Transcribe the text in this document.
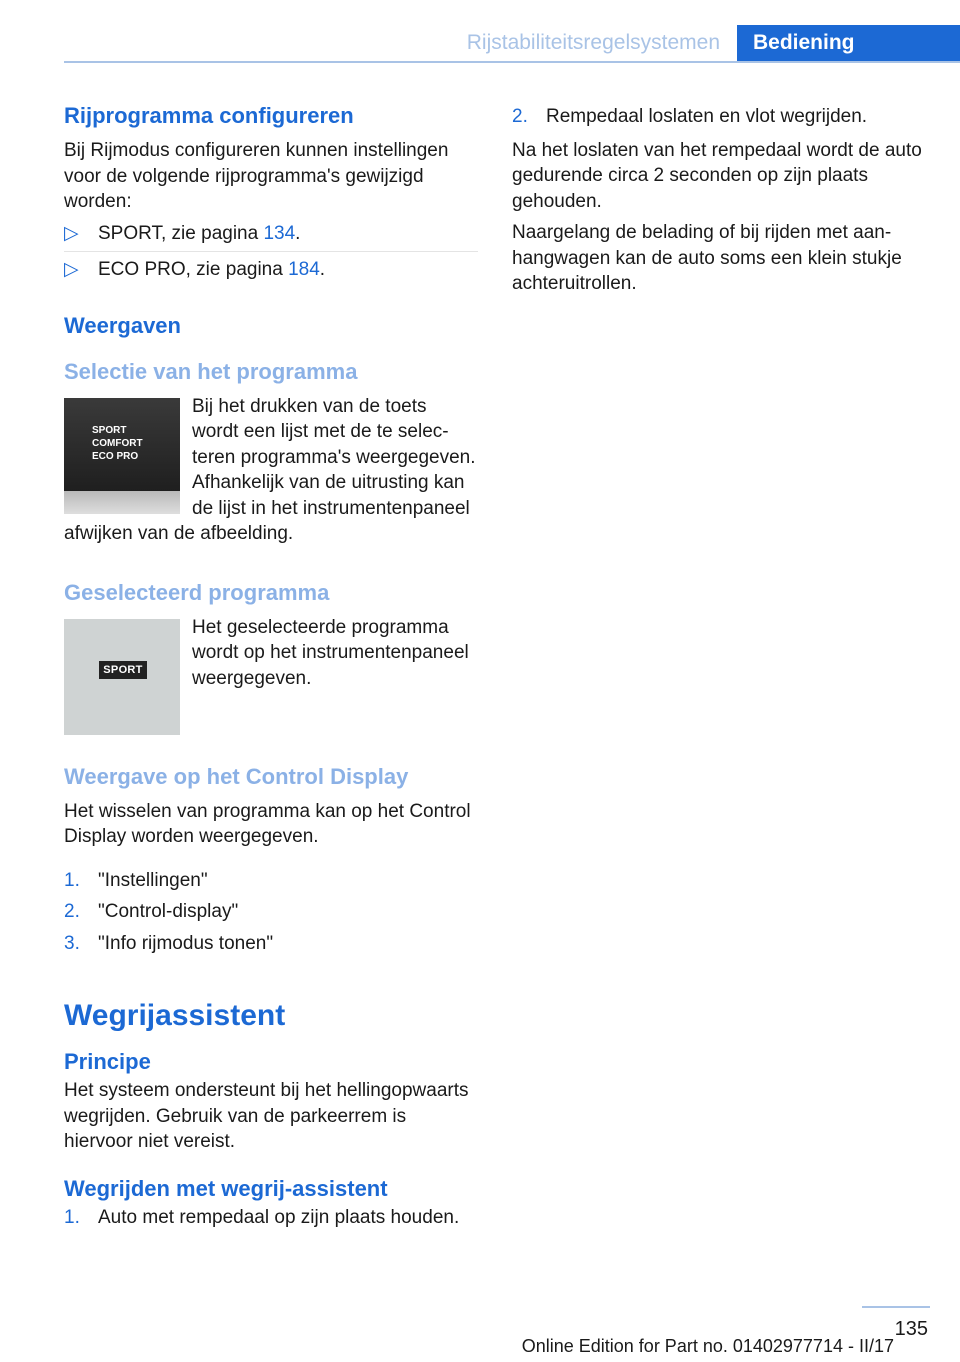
Rijstabiliteitsregelsystemen Bediening
Rijprogramma configureren

Bij Rijmodus configureren kunnen instellingen voor de volgende rijprogramma's gewijzigd worden:

▷ SPORT, zie pagina 134.
▷ ECO PRO, zie pagina 184.
Weergaven
Selectie van het programma
SPORT
COMFORT
ECO PRO

Bij het drukken van de toets wordt een lijst met de te selecteren programma's weergegeven. Afhankelijk van de uitrusting kan de lijst in het instrumentenpaneel afwijken van de afbeelding.

Geselecteerd programma
SPORT

Het geselecteerde programma wordt op het instrumentenpaneel weergegeven.

Weergave op het Control Display

Het wisselen van programma kan op het Control Display worden weergegeven.

1. "Instellingen"
2. "Control-display"
3. "Info rijmodus tonen"
Wegrijassistent
Principe

Het systeem ondersteunt bij het hellingopwaarts wegrijden. Gebruik van de parkeerrem is hiervoor niet vereist.

Wegrijden met wegrij-assistent
1. Auto met rempedaal op zijn plaats houden.
2. Rempedaal loslaten en vlot wegrijden.

Na het loslaten van het rempedaal wordt de auto gedurende circa 2 seconden op zijn plaats gehouden.

Naargelang de belading of bij rijden met aanhangwagen kan de auto soms een klein stukje achteruitrollen.

135
Online Edition for Part no. 01402977714 - II/17
